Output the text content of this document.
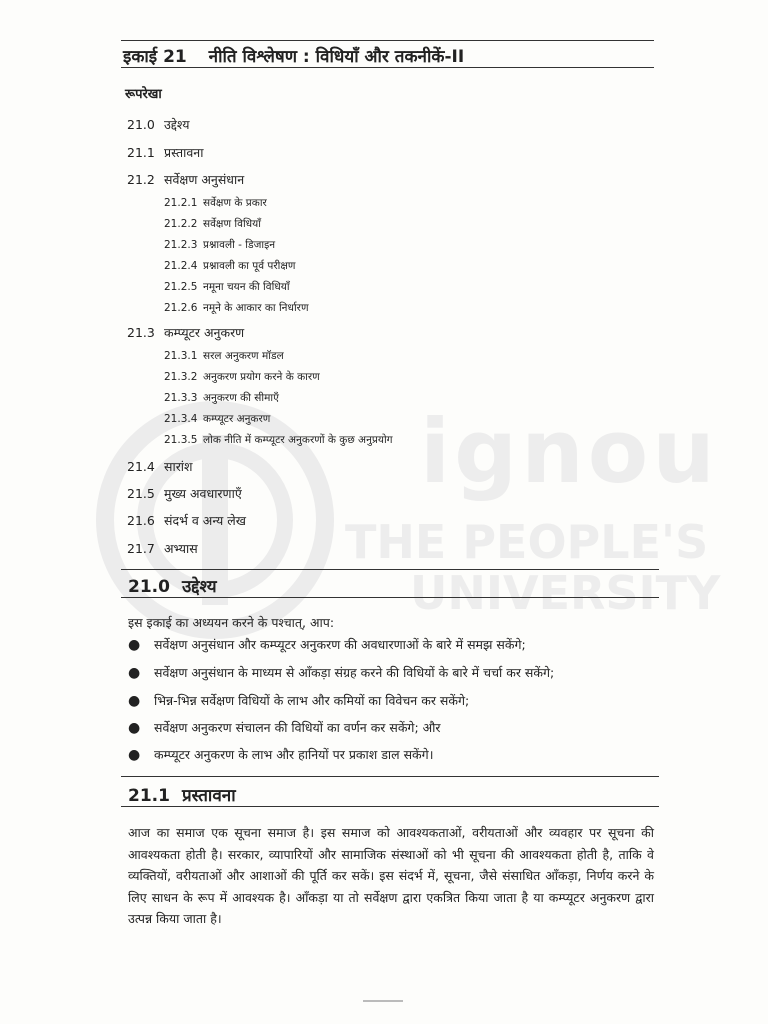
ignou
THE PEOPLE'S
UNIVERSITY
इकाई 21 नीति विश्लेषण : विधियाँ और तकनीकें-II
रूपरेखा
21.0 उद्देश्य
21.1 प्रस्तावना
21.2 सर्वेक्षण अनुसंधान
21.2.1 सर्वेक्षण के प्रकार
21.2.2 सर्वेक्षण विधियाँ
21.2.3 प्रश्नावली - डिजाइन
21.2.4 प्रश्नावली का पूर्व परीक्षण
21.2.5 नमूना चयन की विधियाँ
21.2.6 नमूने के आकार का निर्धारण
21.3 कम्प्यूटर अनुकरण
21.3.1 सरल अनुकरण मॉडल
21.3.2 अनुकरण प्रयोग करने के कारण
21.3.3 अनुकरण की सीमाएँ
21.3.4 कम्प्यूटर अनुकरण
21.3.5 लोक नीति में कम्प्यूटर अनुकरणों के कुछ अनुप्रयोग
21.4 सारांश
21.5 मुख्य अवधारणाएँ
21.6 संदर्भ व अन्य लेख
21.7 अभ्यास
21.0 उद्देश्य
इस इकाई का अध्ययन करने के पश्चात्, आप:
● सर्वेक्षण अनुसंधान और कम्प्यूटर अनुकरण की अवधारणाओं के बारे में समझ सकेंगे;
● सर्वेक्षण अनुसंधान के माध्यम से आँकड़ा संग्रह करने की विधियों के बारे में चर्चा कर सकेंगे;
● भिन्न-भिन्न सर्वेक्षण विधियों के लाभ और कमियों का विवेचन कर सकेंगे;
● सर्वेक्षण अनुकरण संचालन की विधियों का वर्णन कर सकेंगे; और
● कम्प्यूटर अनुकरण के लाभ और हानियों पर प्रकाश डाल सकेंगे।
21.1 प्रस्तावना
आज का समाज एक सूचना समाज है। इस समाज को आवश्यकताओं, वरीयताओं और व्यवहार पर सूचना की आवश्यकता होती है। सरकार, व्यापारियों और सामाजिक संस्थाओं को भी सूचना की आवश्यकता होती है, ताकि वे व्यक्तियों, वरीयताओं और आशाओं की पूर्ति कर सकें। इस संदर्भ में, सूचना, जैसे संसाधित आँकड़ा, निर्णय करने के लिए साधन के रूप में आवश्यक है। आँकड़ा या तो सर्वेक्षण द्वारा एकत्रित किया जाता है या कम्प्यूटर अनुकरण द्वारा उत्पन्न किया जाता है।
